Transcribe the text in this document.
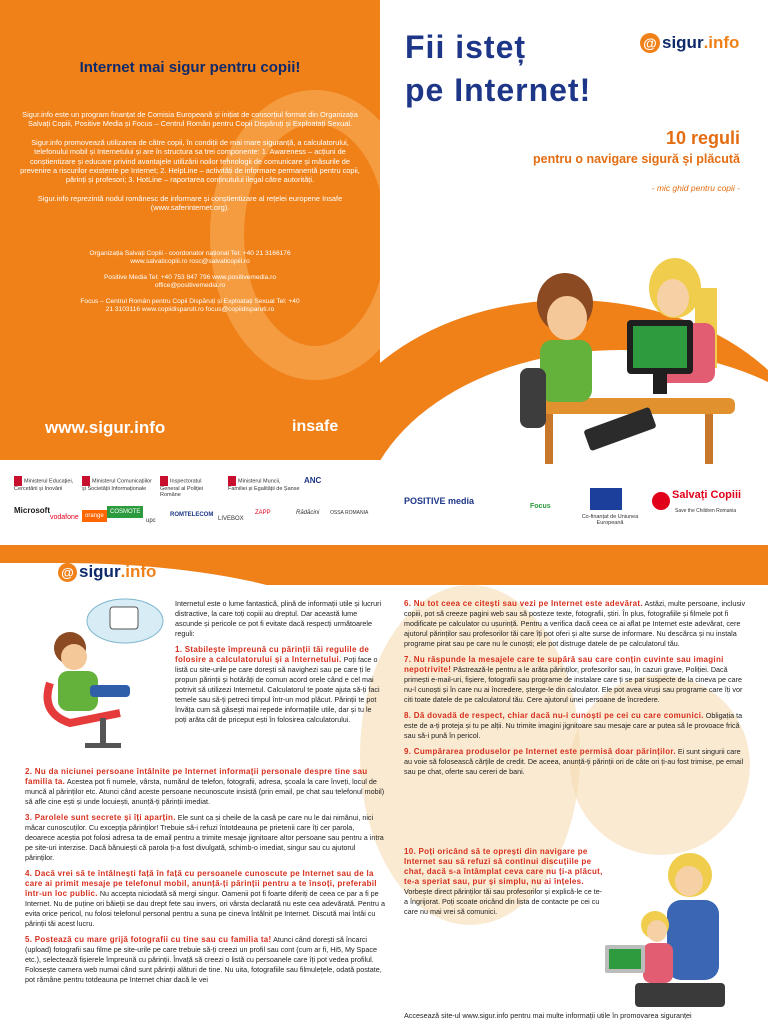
Internet mai sigur pentru copii!

Sigur.info este un program finanțat de Comisia Europeană și inițiat de consorțiul format din Organizația Salvați Copiii, Positive Media și Focus – Centrul Român pentru Copii Dispăruți și Exploatați Sexual.

Sigur.info promovează utilizarea de către copii, în condiții de mai mare siguranță, a calculatorului, telefonului mobil și Internetului și are în structura sa trei componente: 1. Awareness – acțiuni de conștientizare și educare privind avantajele utilizării noilor tehnologii de comunicare și măsurile de prevenire a riscurilor existente pe Internet; 2. HelpLine – activități de informare permanentă pentru copii, părinți și profesori; 3. HotLine – raportarea conținutului ilegal către autorități.

Sigur.info reprezintă nodul românesc de informare și conștientizare al rețelei europene Insafe (www.saferinternet.org).

Organizația Salvați Copiii - coordonator național Tel: +40 21 3166176 www.salvaticopiii.ro rosc@salvaticopiii.ro

Positive Media Tel: +40 753 847 796 www.positivemedia.ro office@positivemedia.ro

Focus – Centrul Român pentru Copii Dispăruți și Exploatați Sexual Tel: +40 21 3103116 www.copiidisparuti.ro focus@copiidisparuti.ro

www.sigur.info	insafe
Fii isteț
pe Internet!
@ sigur .info
10 reguli
pentru o navigare sigură și plăcută
- mic ghid pentru copii -
Ministerul Educației, Cercetării și Inovării
Ministerul Comunicațiilor și Societății Informaționale
Inspectoratul General al Poliției Române
Ministerul Muncii, Familiei și Egalității de Șanse
ANC
Microsoft
vodafone	orange
COSMOTE
upc
ROMTELECOM
LIVEBOX
ZAPP	Rădăcini OSSA ROMANIA
POSITIVE media
Focus
Co-finanțat de Uniunea Europeană
Salvați Copiii
Save the Children Romania
@ sigur .info

Internetul este o lume fantastică, plină de informații utile și lucruri distractive, la care toți copiii au dreptul. Dar această lume ascunde și pericole ce pot fi evitate dacă respecți următoarele reguli:

1. Stabilește împreună cu părinții tăi regulile de folosire a calculatorului și a Internetului. Poți face o listă cu site-urile pe care dorești să navighezi sau pe care ți le propun părinții și hotărâți de comun acord orele când e cel mai potrivit să utilizezi Internetul. Calculatorul te poate ajuta să-ți faci temele sau să-ți petreci timpul într-un mod plăcut. Părinții te pot învăța cum să găsești mai repede informațiile utile, dar și tu le poți arăta cât de priceput ești în folosirea calculatorului.

2. Nu da niciunei persoane întâlnite pe Internet informații personale despre tine sau familia ta. Acestea pot fi numele, vârsta, numărul de telefon, fotografii, adresa, școala la care înveți, locul de muncă al părinților etc. Atunci când aceste persoane necunoscute insistă (prin email, pe chat sau telefonul mobil) să afle cine ești și unde locuiești, anunță-ți părinții imediat.

3. Parolele sunt secrete și îți aparțin. Ele sunt ca și cheile de la casă pe care nu le dai nimănui, nici măcar cunoscuților. Cu excepția părinților! Trebuie să-i refuzi întotdeauna pe prietenii care îți cer parola, deoarece aceștia pot folosi adresa ta de email pentru a trimite mesaje jignitoare altor persoane sau pentru a intra pe site-uri interzise. Dacă bănuiești că parola ți-a fost divulgată, schimb-o imediat, singur sau cu ajutorul părinților.

4. Dacă vrei să te întâlnești față în față cu persoanele cunoscute pe Internet sau de la care ai primit mesaje pe telefonul mobil, anunță-ți părinții pentru a te însoți, preferabil într-un loc public. Nu accepta niciodată să mergi singur. Oamenii pot fi foarte diferiți de ceea ce par a fi pe Internet. Nu de puține ori băieții se dau drept fete sau invers, ori vârsta declarată nu este cea adevărată. Pentru a evita orice pericol, nu folosi telefonul personal pentru a suna pe cineva întâlnit pe Internet. Discută mai întâi cu părinții tăi acest lucru.

5. Postează cu mare grijă fotografii cu tine sau cu familia ta! Atunci când dorești să încarci (upload) fotografii sau filme pe site-urile pe care trebuie să-ți creezi un profil sau cont (cum ar fi, Hi5, My Space etc.), selectează fișierele împreună cu părinții. Învață să creezi o listă cu persoanele care îți pot vedea profilul. Folosește camera web numai când sunt părinții alături de tine. Nu uita, fotografiile sau filmulețele, odată postate, pot rămâne pentru totdeauna pe Internet chiar dacă le vei

6. Nu tot ceea ce citești sau vezi pe Internet este adevărat. Astăzi, multe persoane, inclusiv copiii, pot să creeze pagini web sau să posteze texte, fotografii, știri. În plus, fotografiile și filmele pot fi modificate pe calculator cu ușurință. Pentru a verifica dacă ceea ce ai aflat pe Internet este adevărat, cere ajutorul părinților sau profesorilor tăi care îți pot oferi și alte surse de informare. Nu descărca și nu instala programe pirat sau pe care nu le cunoști; ele pot distruge datele de pe calculatorul tău.

7. Nu răspunde la mesajele care te supără sau care conțin cuvinte sau imagini nepotrivite! Păstrează-le pentru a le arăta părinților, profesorilor sau, în cazuri grave, Poliției. Dacă primești e-mail-uri, fișiere, fotografii sau programe de instalare care ți se par suspecte de la cineva pe care nu-l cunoști și în care nu ai încredere, șterge-le din calculator. Ele pot avea viruși sau programe care îți vor citi toate datele de pe calculatorul tău. Cere ajutorul unei persoane de încredere.

8. Dă dovadă de respect, chiar dacă nu-i cunoști pe cei cu care comunici. Obligația ta este de a-ți proteja și tu pe alții. Nu trimite imagini jignitoare sau mesaje care ar putea să le provoace frică sau să-i pună în pericol.

9. Cumpărarea produselor pe Internet este permisă doar părinților. Ei sunt singurii care au voie să folosească cărțile de credit. De aceea, anunță-ți părinții ori de câte ori ți-au fost trimise, pe email sau pe chat, oferte sau cereri de bani.

10. Poți oricând să te oprești din navigare pe Internet sau să refuzi să continui discuțiile pe chat, dacă s-a întâmplat ceva care nu ți-a plăcut, te-a speriat sau, pur și simplu, nu ai înțeles. Vorbește direct părinților tăi sau profesorilor și explică-le ce te-a îngrijorat. Poți scoate oricând din lista de contacte pe cei cu care nu mai vrei să comunici.

Accesează site-ul www.sigur.info pentru mai multe informații utile în promovarea siguranței
